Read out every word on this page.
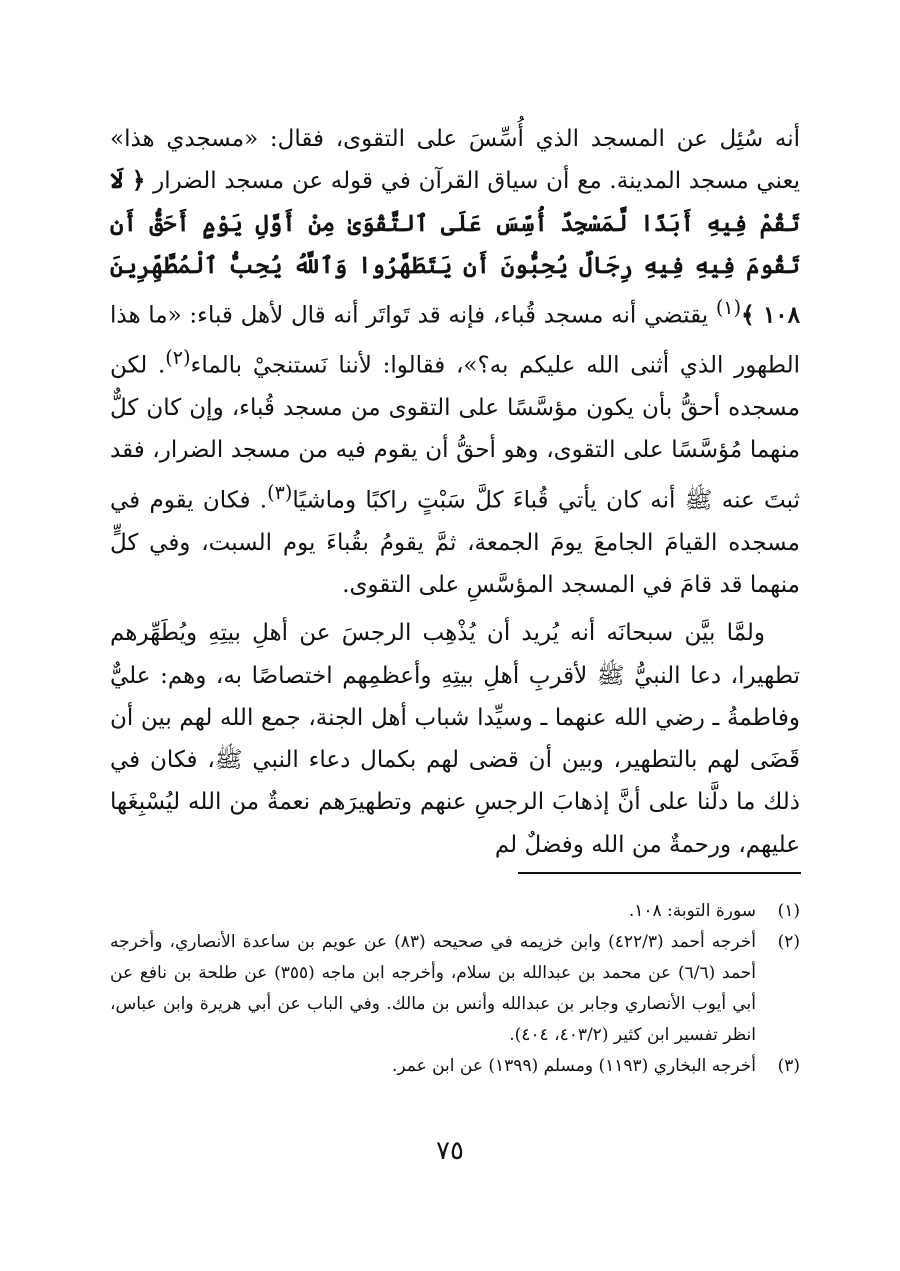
أنه سُئِل عن المسجد الذي أُسِّسَ على التقوى، فقال: «مسجدي هذا» يعني مسجد المدينة. مع أن سياق القرآن في قوله عن مسجد الضرار ﴿ لَا تَقُمْ فِيهِ أَبَدًا لَّمَسْجِدٌ أُسِّسَ عَلَى ٱلتَّقْوَىٰ مِنْ أَوَّلِ يَوْمٍ أَحَقُّ أَن تَقُومَ فِيهِ فِيهِ رِجَالٌ يُحِبُّونَ أَن يَتَطَهَّرُوا وَٱللَّهُ يُحِبُّ ٱلْمُطَّهِّرِينَ ١٠٨ ﴾$^{(١)}$ يقتضي أنه مسجد قُباء، فإنه قد تَواتَر أنه قال لأهل قباء: «ما هذا الطهور الذي أثنى الله عليكم به؟»، فقالوا: لأننا نَستنجيْ بالماء$^{(٢)}$. لكن مسجده أحقُّ بأن يكون مؤسَّسًا على التقوى من مسجد قُباء، وإن كان كلٌّ منهما مُؤسَّسًا على التقوى، وهو أحقُّ أن يقوم فيه من مسجد الضرار، فقد ثبتَ عنه ﷺ أنه كان يأتي قُباءَ كلَّ سَبْتٍ راكبًا وماشيًا$^{(٣)}$. فكان يقوم في مسجده القيامَ الجامعَ يومَ الجمعة، ثمَّ يقومُ بقُباءَ يوم السبت، وفي كلٍّ منهما قد قامَ في المسجد المؤسَّسِ على التقوى.

ولمَّا بيَّن سبحانَه أنه يُريد أن يُذْهِب الرجسَ عن أهلِ بيتِهِ ويُطَهِّرهم تطهيرا، دعا النبيُّ ﷺ لأقربِ أهلِ بيتِهِ وأعظمِهم اختصاصًا به، وهم: عليٌّ وفاطمةُ ـ رضي الله عنهما ـ وسيِّدا شباب أهل الجنة، جمع الله لهم بين أن قَضَى لهم بالتطهير، وبين أن قضى لهم بكمال دعاء النبي ﷺ، فكان في ذلك ما دلَّنا على أنَّ إذهابَ الرجسِ عنهم وتطهيرَهم نعمةٌ من الله ليُسْبِغَها عليهم، ورحمةٌ من الله وفضلٌ لم

(١)
سورة التوبة: ١٠٨.
(٢)
أخرجه أحمد (٤٢٢/٣) وابن خزيمه في صحيحه (٨٣) عن عويم بن ساعدة الأنصاري، وأخرجه أحمد (٦/٦) عن محمد بن عبدالله بن سلام، وأخرجه ابن ماجه (٣٥٥) عن طلحة بن نافع عن أبي أيوب الأنصاري وجابر بن عبدالله وأنس بن مالك. وفي الباب عن أبي هريرة وابن عباس، انظر تفسير ابن كثير (٤٠٣/٢، ٤٠٤).
(٣)
أخرجه البخاري (١١٩٣) ومسلم (١٣٩٩) عن ابن عمر.
٧٥
